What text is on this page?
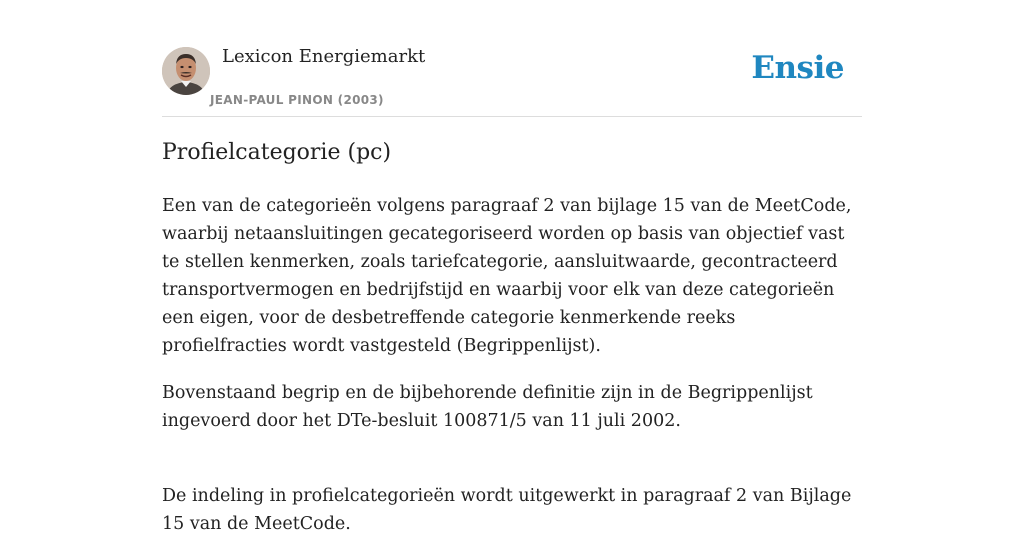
Lexicon Energiemarkt
JEAN-PAUL PINON (2003)
Ensie
Profielcategorie (pc)

Een van de categorieën volgens paragraaf 2 van bijlage 15 van de MeetCode, waarbij netaansluitingen gecategoriseerd worden op basis van objectief vast te stellen kenmerken, zoals tariefcategorie, aansluitwaarde, gecontracteerd transportvermogen en bedrijfstijd en waarbij voor elk van deze categorieën een eigen, voor de desbetreffende categorie kenmerkende reeks profielfracties wordt vastgesteld (Begrippenlijst).

Bovenstaand begrip en de bijbehorende definitie zijn in de Begrippenlijst ingevoerd door het DTe-besluit 100871/5 van 11 juli 2002.

De indeling in profielcategorieën wordt uitgewerkt in paragraaf 2 van Bijlage 15 van de MeetCode.
